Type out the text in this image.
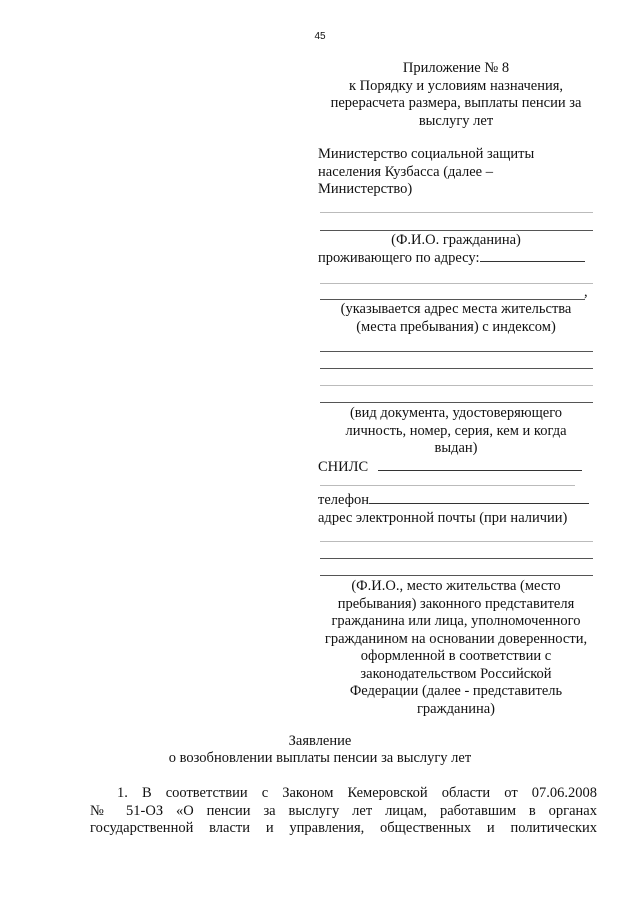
45
Приложение № 8
к Порядку и условиям назначения,
перерасчета размера, выплаты пенсии за
выслугу лет
Министерство социальной защиты
населения Кузбасса (далее –
Министерство)
(Ф.И.О. гражданина)
проживающего по адресу:
,
(указывается адрес места жительства
(места пребывания) с индексом)
(вид документа, удостоверяющего
личность, номер, серия, кем и когда
выдан)
СНИЛС
телефон
адрес электронной почты (при наличии)
(Ф.И.О., место жительства (место
пребывания) законного представителя
гражданина или лица, уполномоченного
гражданином на основании доверенности,
оформленной в соответствии с
законодательством Российской
Федерации (далее - представитель
гражданина)
Заявление
о возобновлении выплаты пенсии за выслугу лет

1. В соответствии с Законом Кемеровской области от 07.06.2008

№ 51-ОЗ «О пенсии за выслугу лет лицам, работавшим в органах

государственной власти и управления, общественных и политических
